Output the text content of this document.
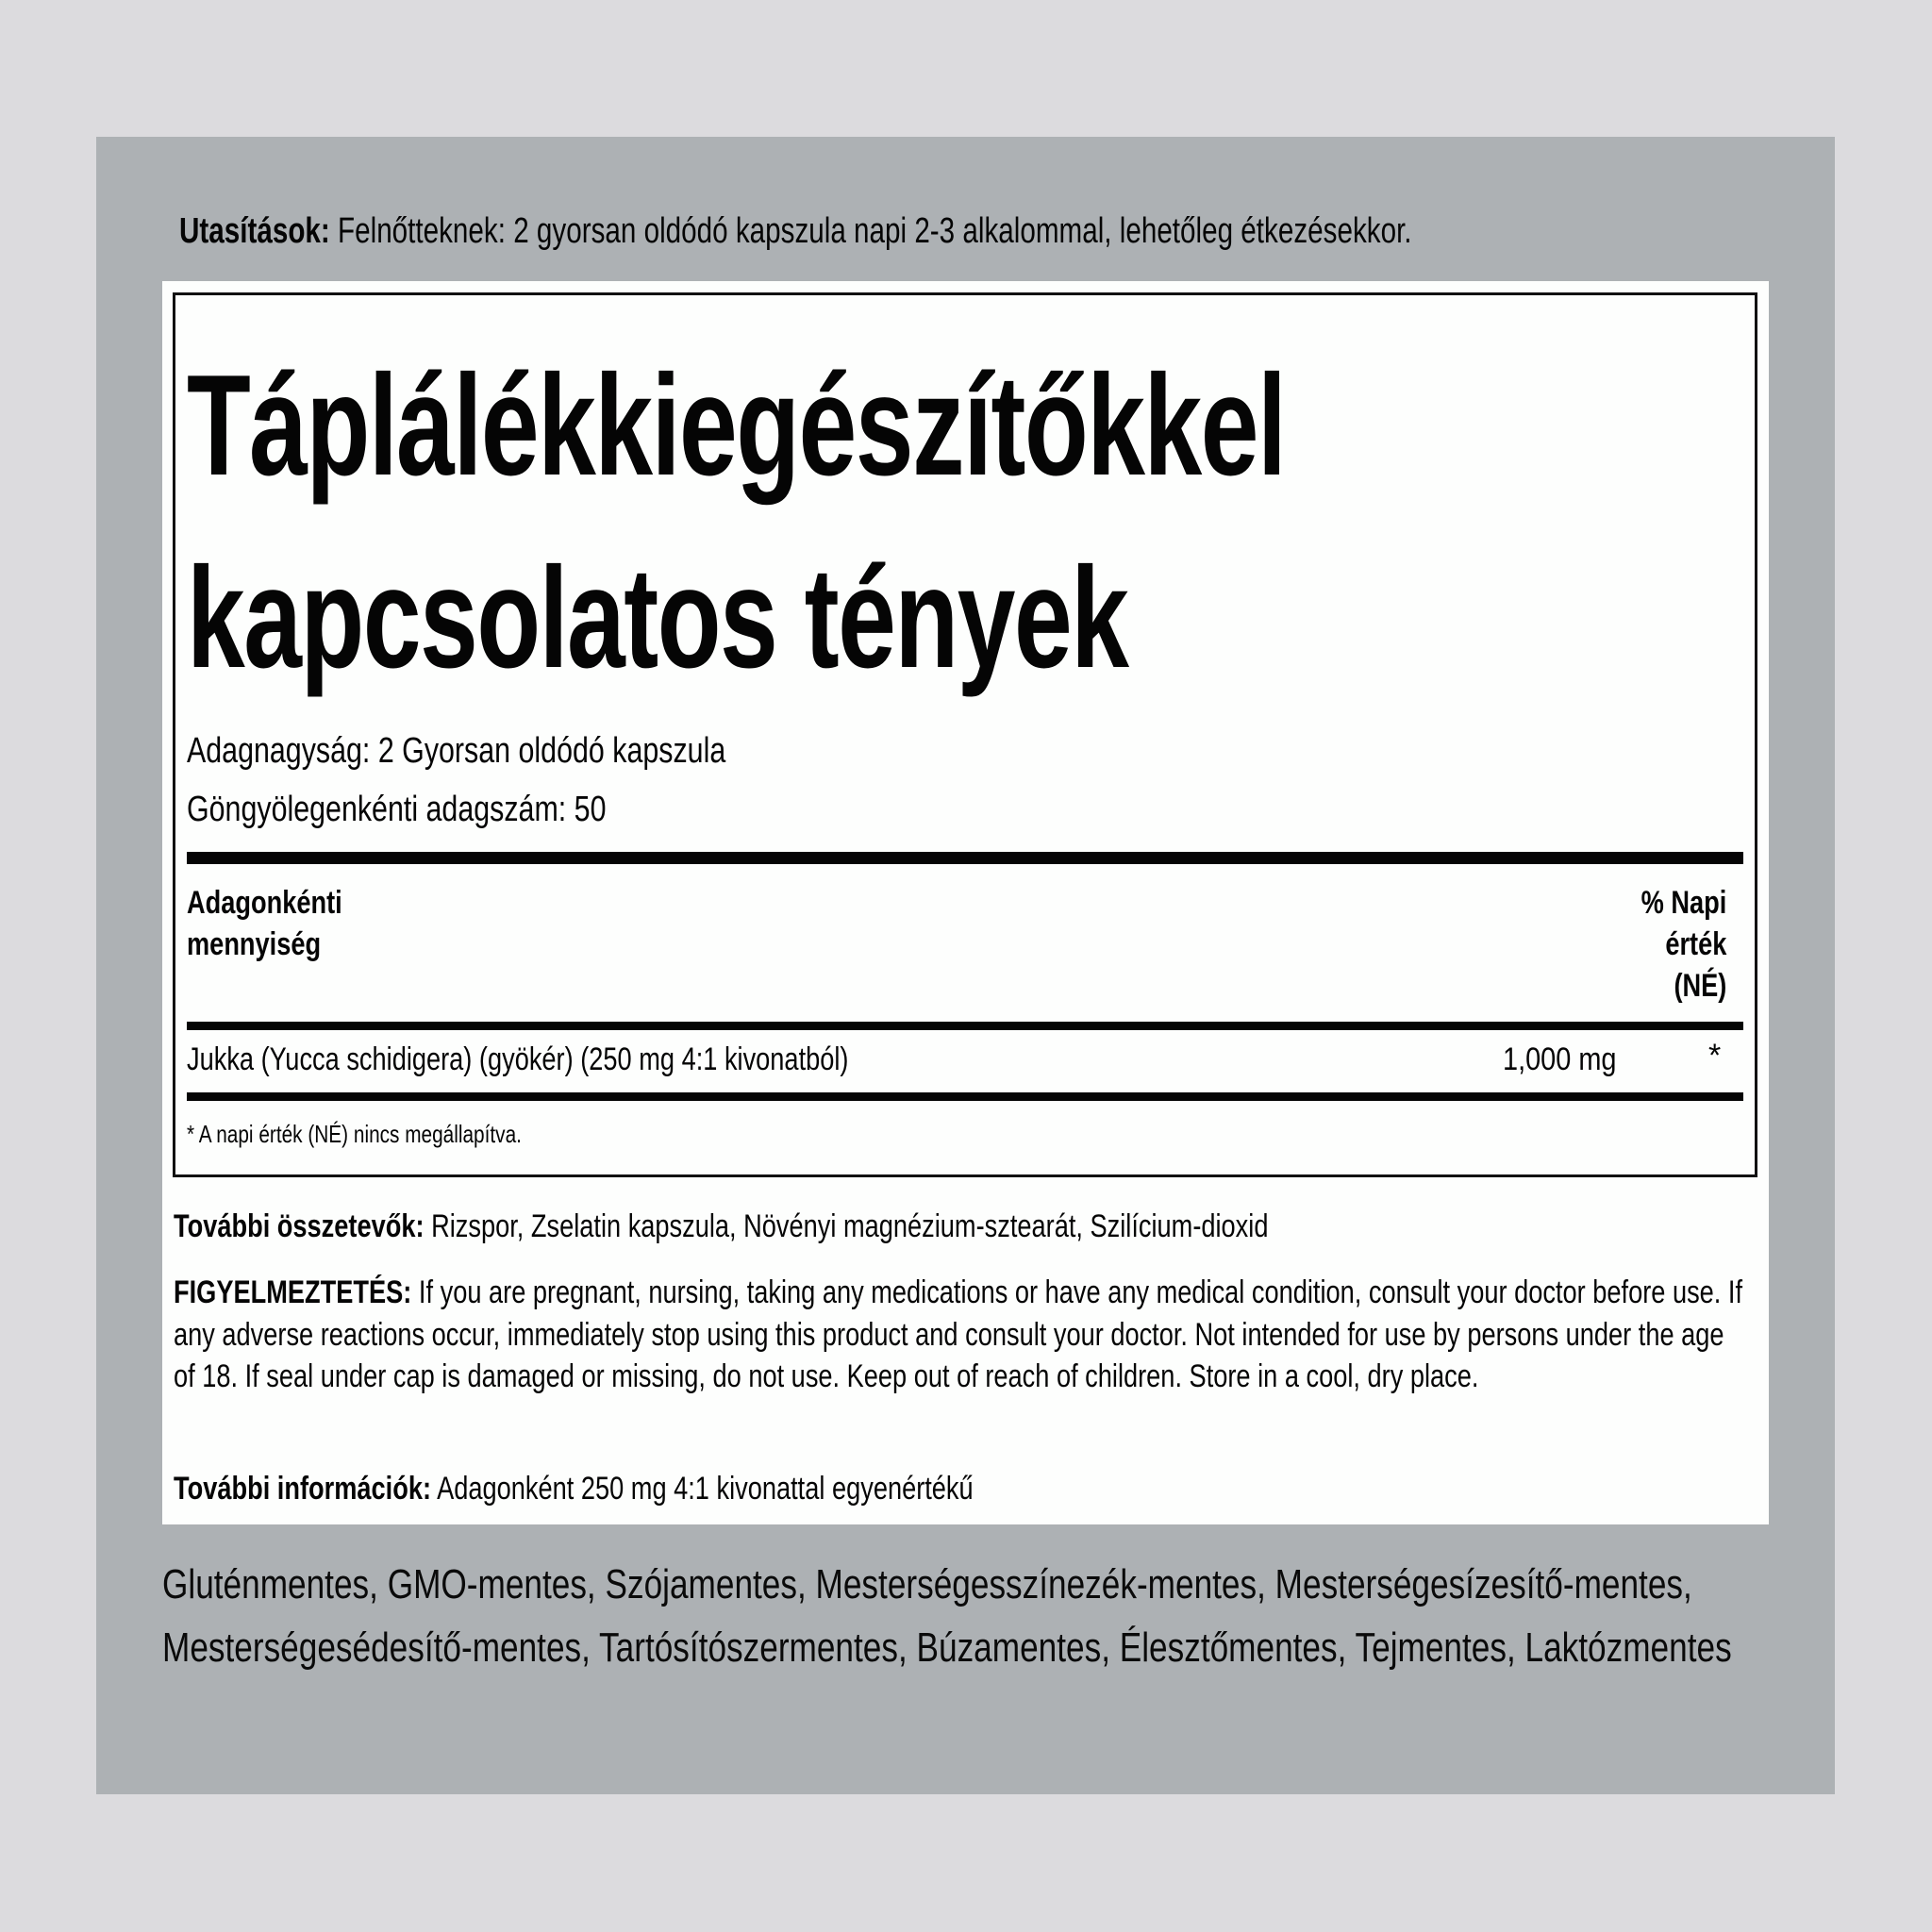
Utasítások: Felnőtteknek: 2 gyorsan oldódó kapszula napi 2-3 alkalommal, lehetőleg étkezésekkor.
Táplálékkiegészítőkkel
kapcsolatos tények
Adagnagyság: 2 Gyorsan oldódó kapszula
Göngyölegenkénti adagszám: 50
Adagonkénti
mennyiség
% Napi
érték
(NÉ)
Jukka (Yucca schidigera) (gyökér) (250 mg 4:1 kivonatból)	1,000 mg	*
* A napi érték (NÉ) nincs megállapítva.
További összetevők: Rizspor, Zselatin kapszula, Növényi magnézium-sztearát, Szilícium-dioxid
FIGYELMEZTETÉS: If you are pregnant, nursing, taking any medications or have any medical condition, consult your doctor before use. If any adverse reactions occur, immediately stop using this product and consult your doctor. Not intended for use by persons under the age of 18. If seal under cap is damaged or missing, do not use. Keep out of reach of children. Store in a cool, dry place.
További információk: Adagonként 250 mg 4:1 kivonattal egyenértékű
Gluténmentes, GMO-mentes, Szójamentes, Mesterségesszínezék-mentes, Mesterségesízesítő-mentes, Mesterségesédesítő-mentes, Tartósítószermentes, Búzamentes, Élesztőmentes, Tejmentes, Laktózmentes
